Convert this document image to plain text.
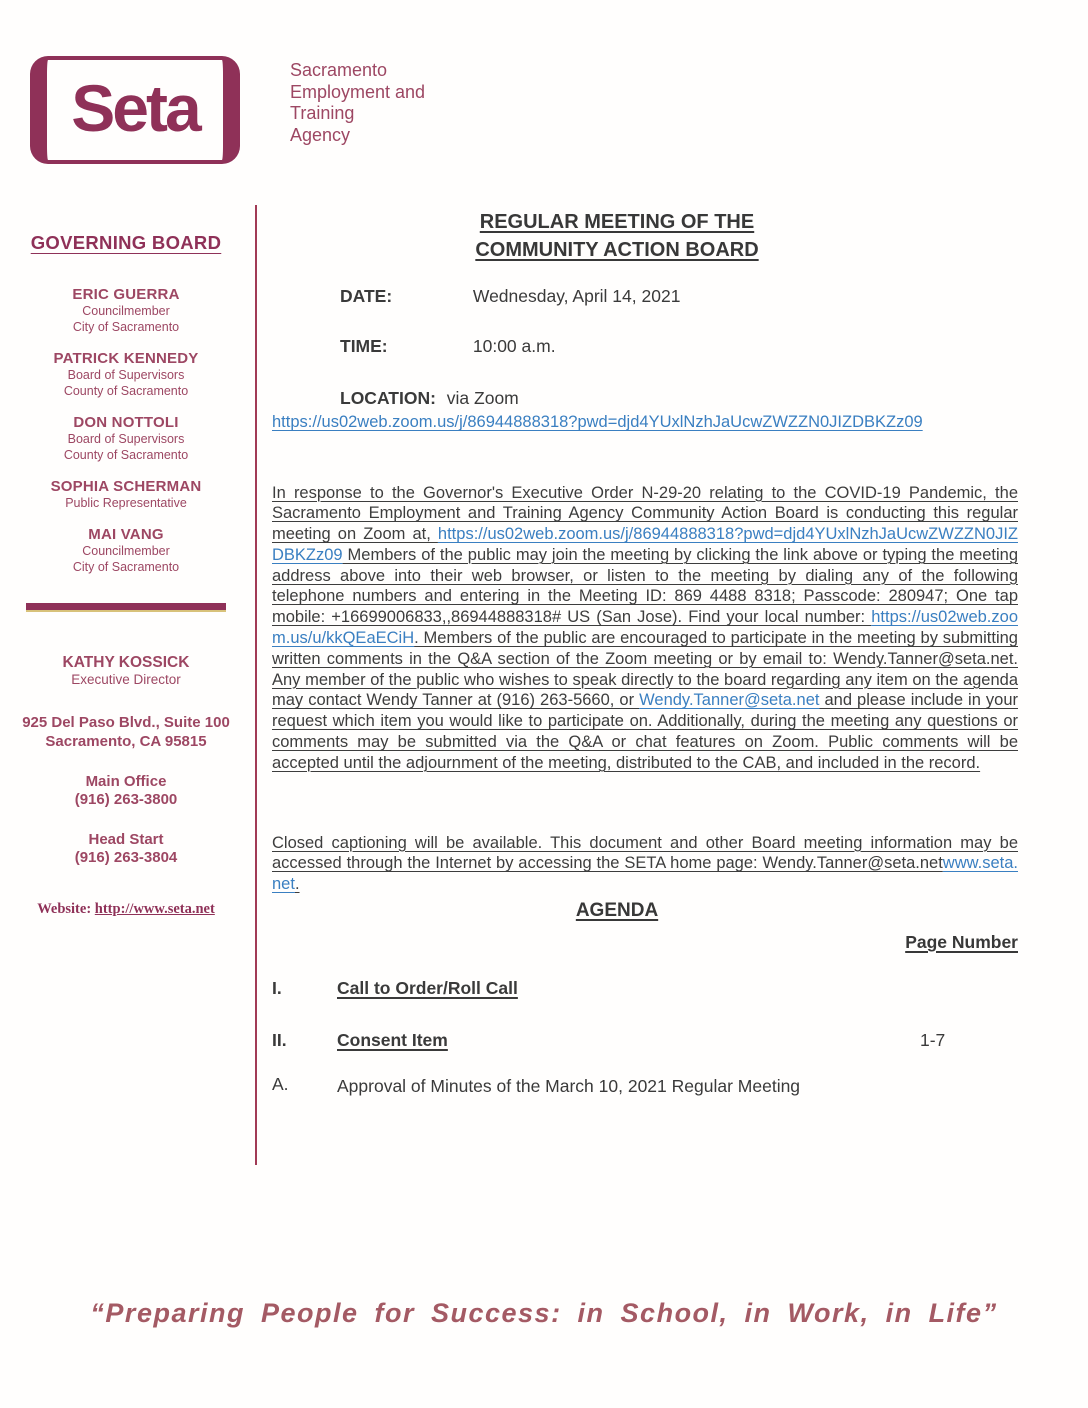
Seta
Sacramento
Employment and
Training
Agency
GOVERNING BOARD
ERIC GUERRA
Councilmember
City of Sacramento
PATRICK KENNEDY
Board of Supervisors
County of Sacramento
DON NOTTOLI
Board of Supervisors
County of Sacramento
SOPHIA SCHERMAN
Public Representative
MAI VANG
Councilmember
City of Sacramento
KATHY KOSSICK
Executive Director
925 Del Paso Blvd., Suite 100
Sacramento, CA 95815
Main Office
(916) 263-3800
Head Start
(916) 263-3804
Website: http://www.seta.net
REGULAR MEETING OF THE
COMMUNITY ACTION BOARD
DATE:	Wednesday, April 14, 2021
TIME:	10:00 a.m.
LOCATION: via Zoom
https://us02web.zoom.us/j/86944888318?pwd=djd4YUxlNzhJaUcwZWZZN0JIZDBKZz09

In response to the Governor's Executive Order N-29-20 relating to the COVID-19 Pandemic, the Sacramento Employment and Training Agency Community Action Board is conducting this regular meeting on Zoom at, https://us02web.zoom.us/j/86944888318?pwd=djd4YUxlNzhJaUcwZWZZN0JIZDBKZz09 Members of the public may join the meeting by clicking the link above or typing the meeting address above into their web browser, or listen to the meeting by dialing any of the following telephone numbers and entering in the Meeting ID: 869 4488 8318; Passcode: 280947; One tap mobile: +16699006833,,86944888318# US (San Jose). Find your local number: https://us02web.zoom.us/u/kkQEaECiH. Members of the public are encouraged to participate in the meeting by submitting written comments in the Q&A section of the Zoom meeting or by email to: Wendy.Tanner@seta.net. Any member of the public who wishes to speak directly to the board regarding any item on the agenda may contact Wendy Tanner at (916) 263-5660, or Wendy.Tanner@seta.net and please include in your request which item you would like to participate on. Additionally, during the meeting any questions or comments may be submitted via the Q&A or chat features on Zoom. Public comments will be accepted until the adjournment of the meeting, distributed to the CAB, and included in the record.

Closed captioning will be available. This document and other Board meeting information may be accessed through the Internet by accessing the SETA home page: Wendy.Tanner@seta.netwww.seta.net.

AGENDA
Page Number
I.	Call to Order/Roll Call
II.	Consent Item	1-7
A.	Approval of Minutes of the March 10, 2021 Regular Meeting
“Preparing People for Success: in School, in Work, in Life”
